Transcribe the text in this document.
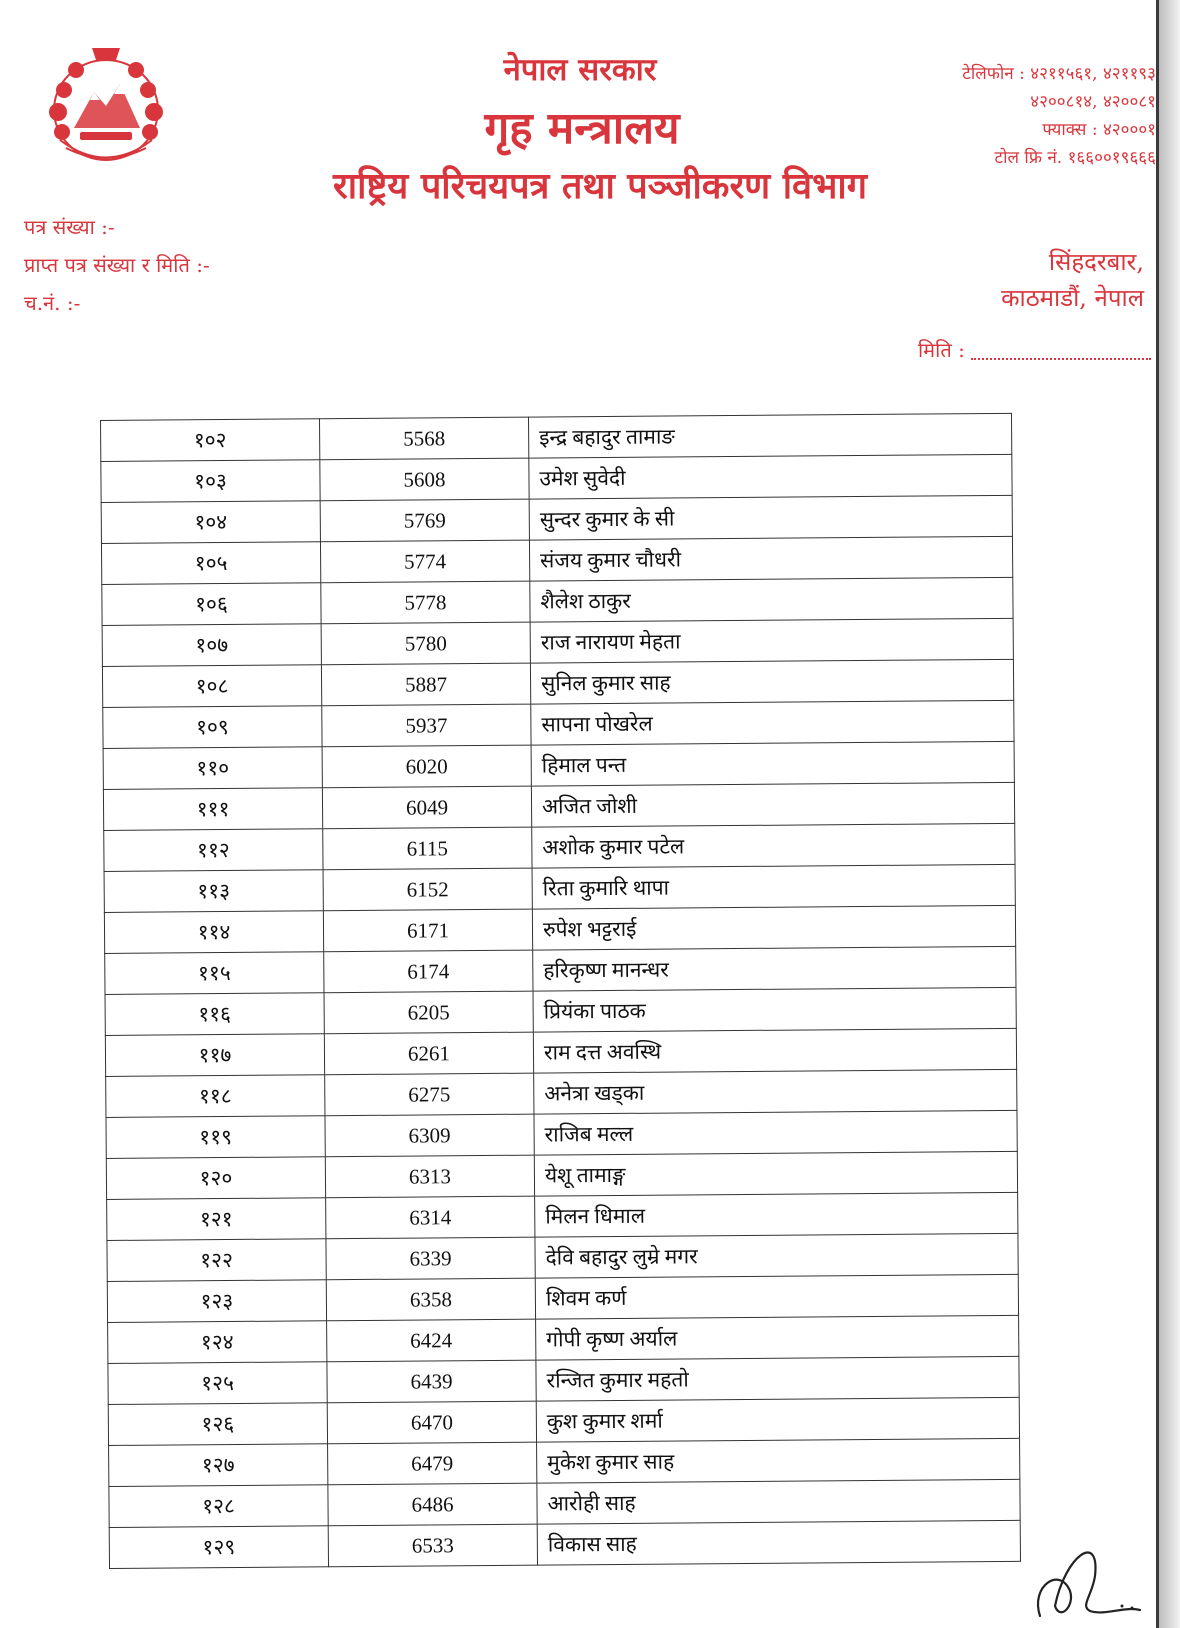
नेपाल सरकार
गृह मन्त्रालय
राष्ट्रिय परिचयपत्र तथा पञ्जीकरण विभाग
टेलिफोन : ४२११५६१, ४२११९३
४२००८१४, ४२००८१
फ्याक्स : ४२०००१
टोल फ्रि नं. १६६००१९६६६
पत्र संख्या :-
प्राप्त पत्र संख्या र मिति :-
च.नं. :-
सिंहदरबार,
काठमाडौं, नेपाल
मिति :
१०२	5568	इन्द्र बहादुर तामाङ
१०३	5608	उमेश सुवेदी
१०४	5769	सुन्दर कुमार के सी
१०५	5774	संजय कुमार चौधरी
१०६	5778	शैलेश ठाकुर
१०७	5780	राज नारायण मेहता
१०८	5887	सुनिल कुमार साह
१०९	5937	सापना पोखरेल
११०	6020	हिमाल पन्त
१११	6049	अजित जोशी
११२	6115	अशोक कुमार पटेल
११३	6152	रिता कुमारि थापा
११४	6171	रुपेश भट्टराई
११५	6174	हरिकृष्ण मानन्धर
११६	6205	प्रियंका पाठक
११७	6261	राम दत्त अवस्थि
११८	6275	अनेत्रा खड्का
११९	6309	राजिब मल्ल
१२०	6313	येशू तामाङ्ग
१२१	6314	मिलन धिमाल
१२२	6339	देवि बहादुर लुम्रे मगर
१२३	6358	शिवम कर्ण
१२४	6424	गोपी कृष्ण अर्याल
१२५	6439	रन्जित कुमार महतो
१२६	6470	कुश कुमार शर्मा
१२७	6479	मुकेश कुमार साह
१२८	6486	आरोही साह
१२९	6533	विकास साह
